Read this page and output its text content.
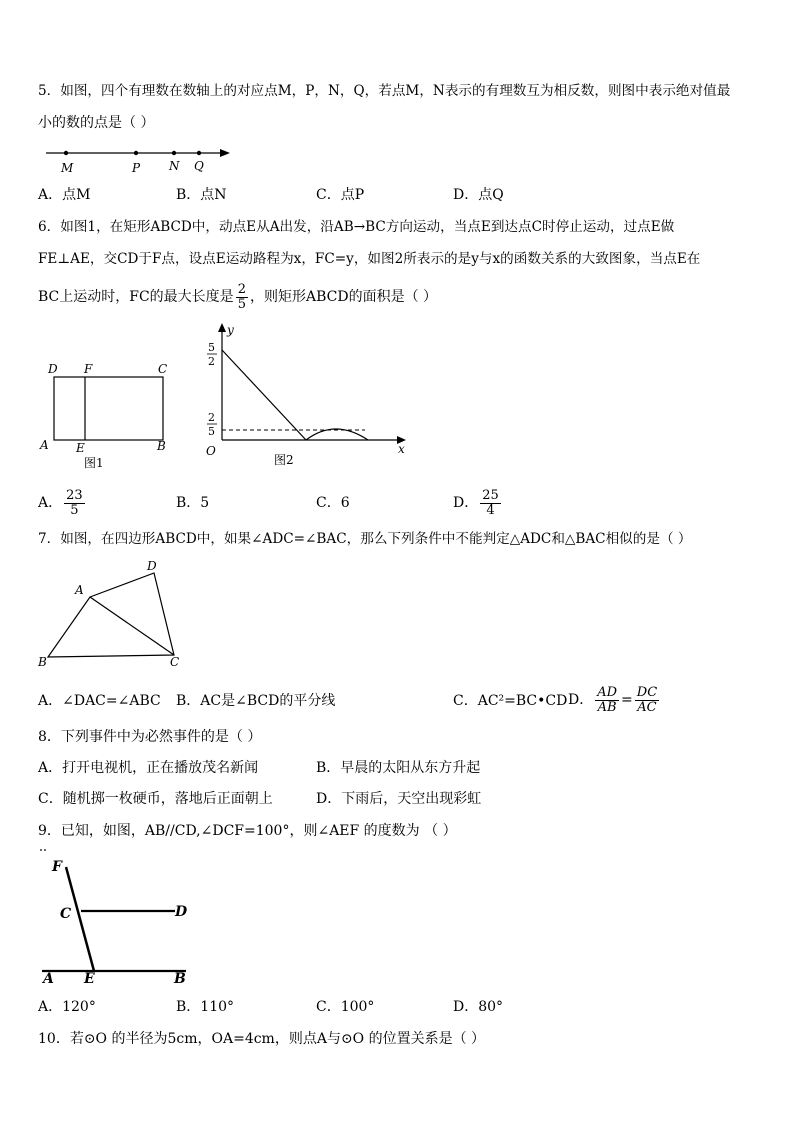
5．如图，四个有理数在数轴上的对应点M，P，N，Q，若点M，N表示的有理数互为相反数，则图中表示绝对值最
小的数的点是（ ）
M	P N Q
A．点M	B．点N	C．点P	D．点Q
6．如图1，在矩形ABCD中，动点E从A出发，沿AB→BC方向运动，当点E到达点C时停止运动，过点E做
FE⊥AE，交CD于F点，设点E运动路程为x，FC=y，如图2所表示的是y与x的函数关系的大致图象，当点E在
BC上运动时，FC的最大长度是 $\frac{2}{5}$ ，则矩形ABCD的面积是（ ）
D F	C
A E	B
图1
y
x
O
5
2
2
5
图2
A． $\frac{23}{5}$	B．5	C．6	D． $\frac{25}{4}$
7．如图，在四边形ABCD中，如果∠ADC=∠BAC，那么下列条件中不能判定△ADC和△BAC相似的是（ ）
A
B	C
D
A．∠DAC=∠ABC B．AC是∠BCD的平分线	C．AC²=BC•CD D． $\frac{AD}{AB} = \frac{DC}{AC}$
8．下列事件中为必然事件的是（ ）
A．打开电视机，正在播放茂名新闻	B．早晨的太阳从东方升起
C．随机掷一枚硬币，落地后正面朝上	D．下雨后，天空出现彩虹
9．已知，如图，AB//CD,∠DCF=100°，则∠AEF 的度数为 （ ）
F
C	D
A E	B
A．120°	B．110°	C．100°	D．80°
10．若⊙O 的半径为5cm，OA=4cm，则点A与⊙O 的位置关系是（ ）
